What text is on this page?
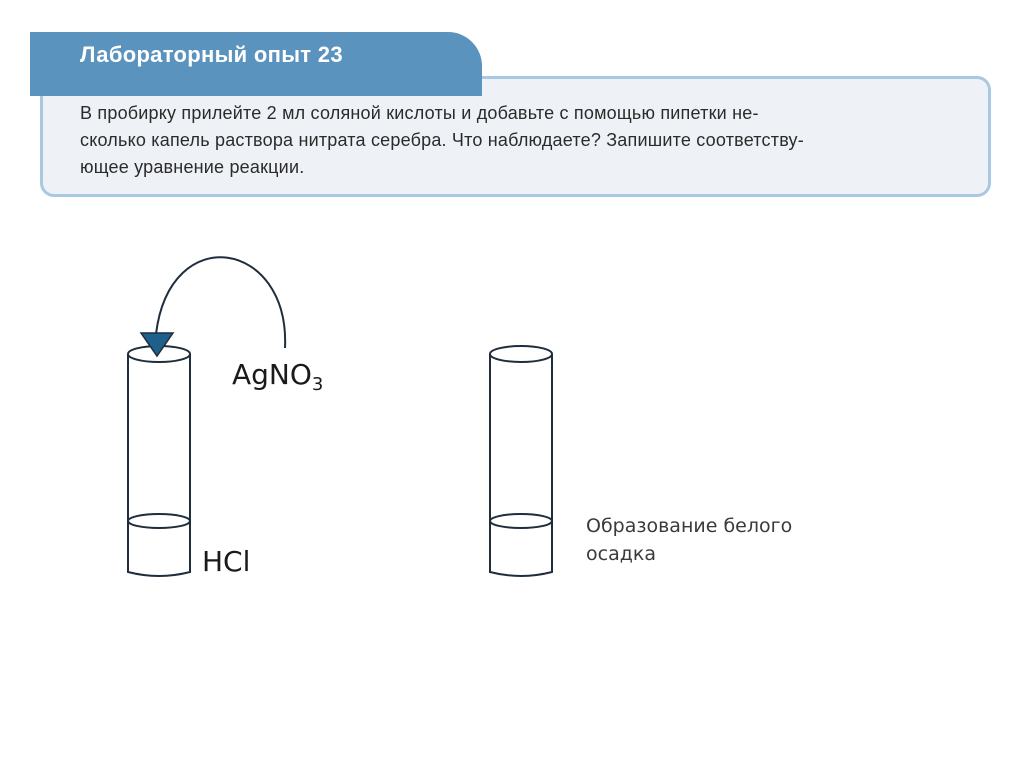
Лабораторный опыт 23
В пробирку прилейте 2 мл соляной кислоты и добавьте с помощью пипетки не-
сколько капель раствора нитрата серебра. Что наблюдаете? Запишите соответству-
ющее уравнение реакции.
AgNO$_3$
HCl
Образование белого
осадка
